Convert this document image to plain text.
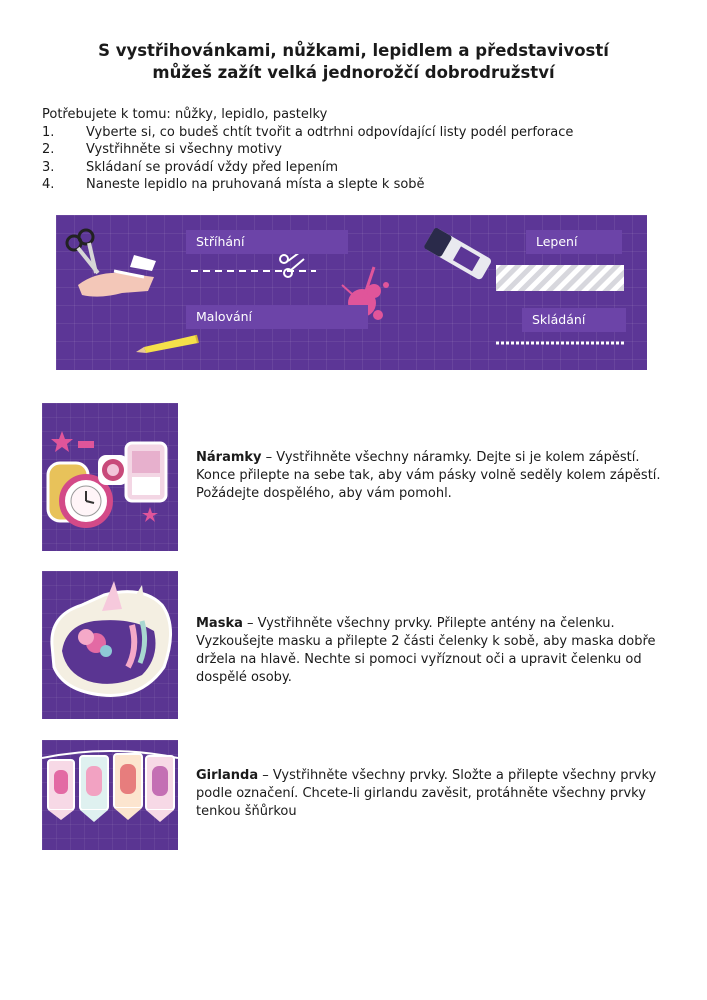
S vystřihovánkami, nůžkami, lepidlem a představivostí
můžeš zažít velká jednorožčí dobrodružství
Potřebujete k tomu: nůžky, lepidlo, pastelky
1.	Vyberte si, co budeš chtít tvořit a odtrhni odpovídající listy podél perforace
2.	Vystřihněte si všechny motivy
3.	Skládaní se provádí vždy před lepením
4.	Naneste lepidlo na pruhovaná místa a slepte k sobě
Stříhání	Lepení
Malování	Skládání
Náramky – Vystřihněte všechny náramky. Dejte si je kolem zápěstí. Konce přilepte na sebe tak, aby vám pásky volně seděly kolem zápěstí. Požádejte dospělého, aby vám pomohl.
Maska – Vystřihněte všechny prvky. Přilepte antény na čelenku. Vyzkoušejte masku a přilepte 2 části čelenky k sobě, aby maska dobře držela na hlavě. Nechte si pomoci vyříznout oči a upravit čelenku od dospělé osoby.
Girlanda – Vystřihněte všechny prvky. Složte a přilepte všechny prvky podle označení. Chcete-li girlandu zavěsit, protáhněte všechny prvky tenkou šňůrkou
